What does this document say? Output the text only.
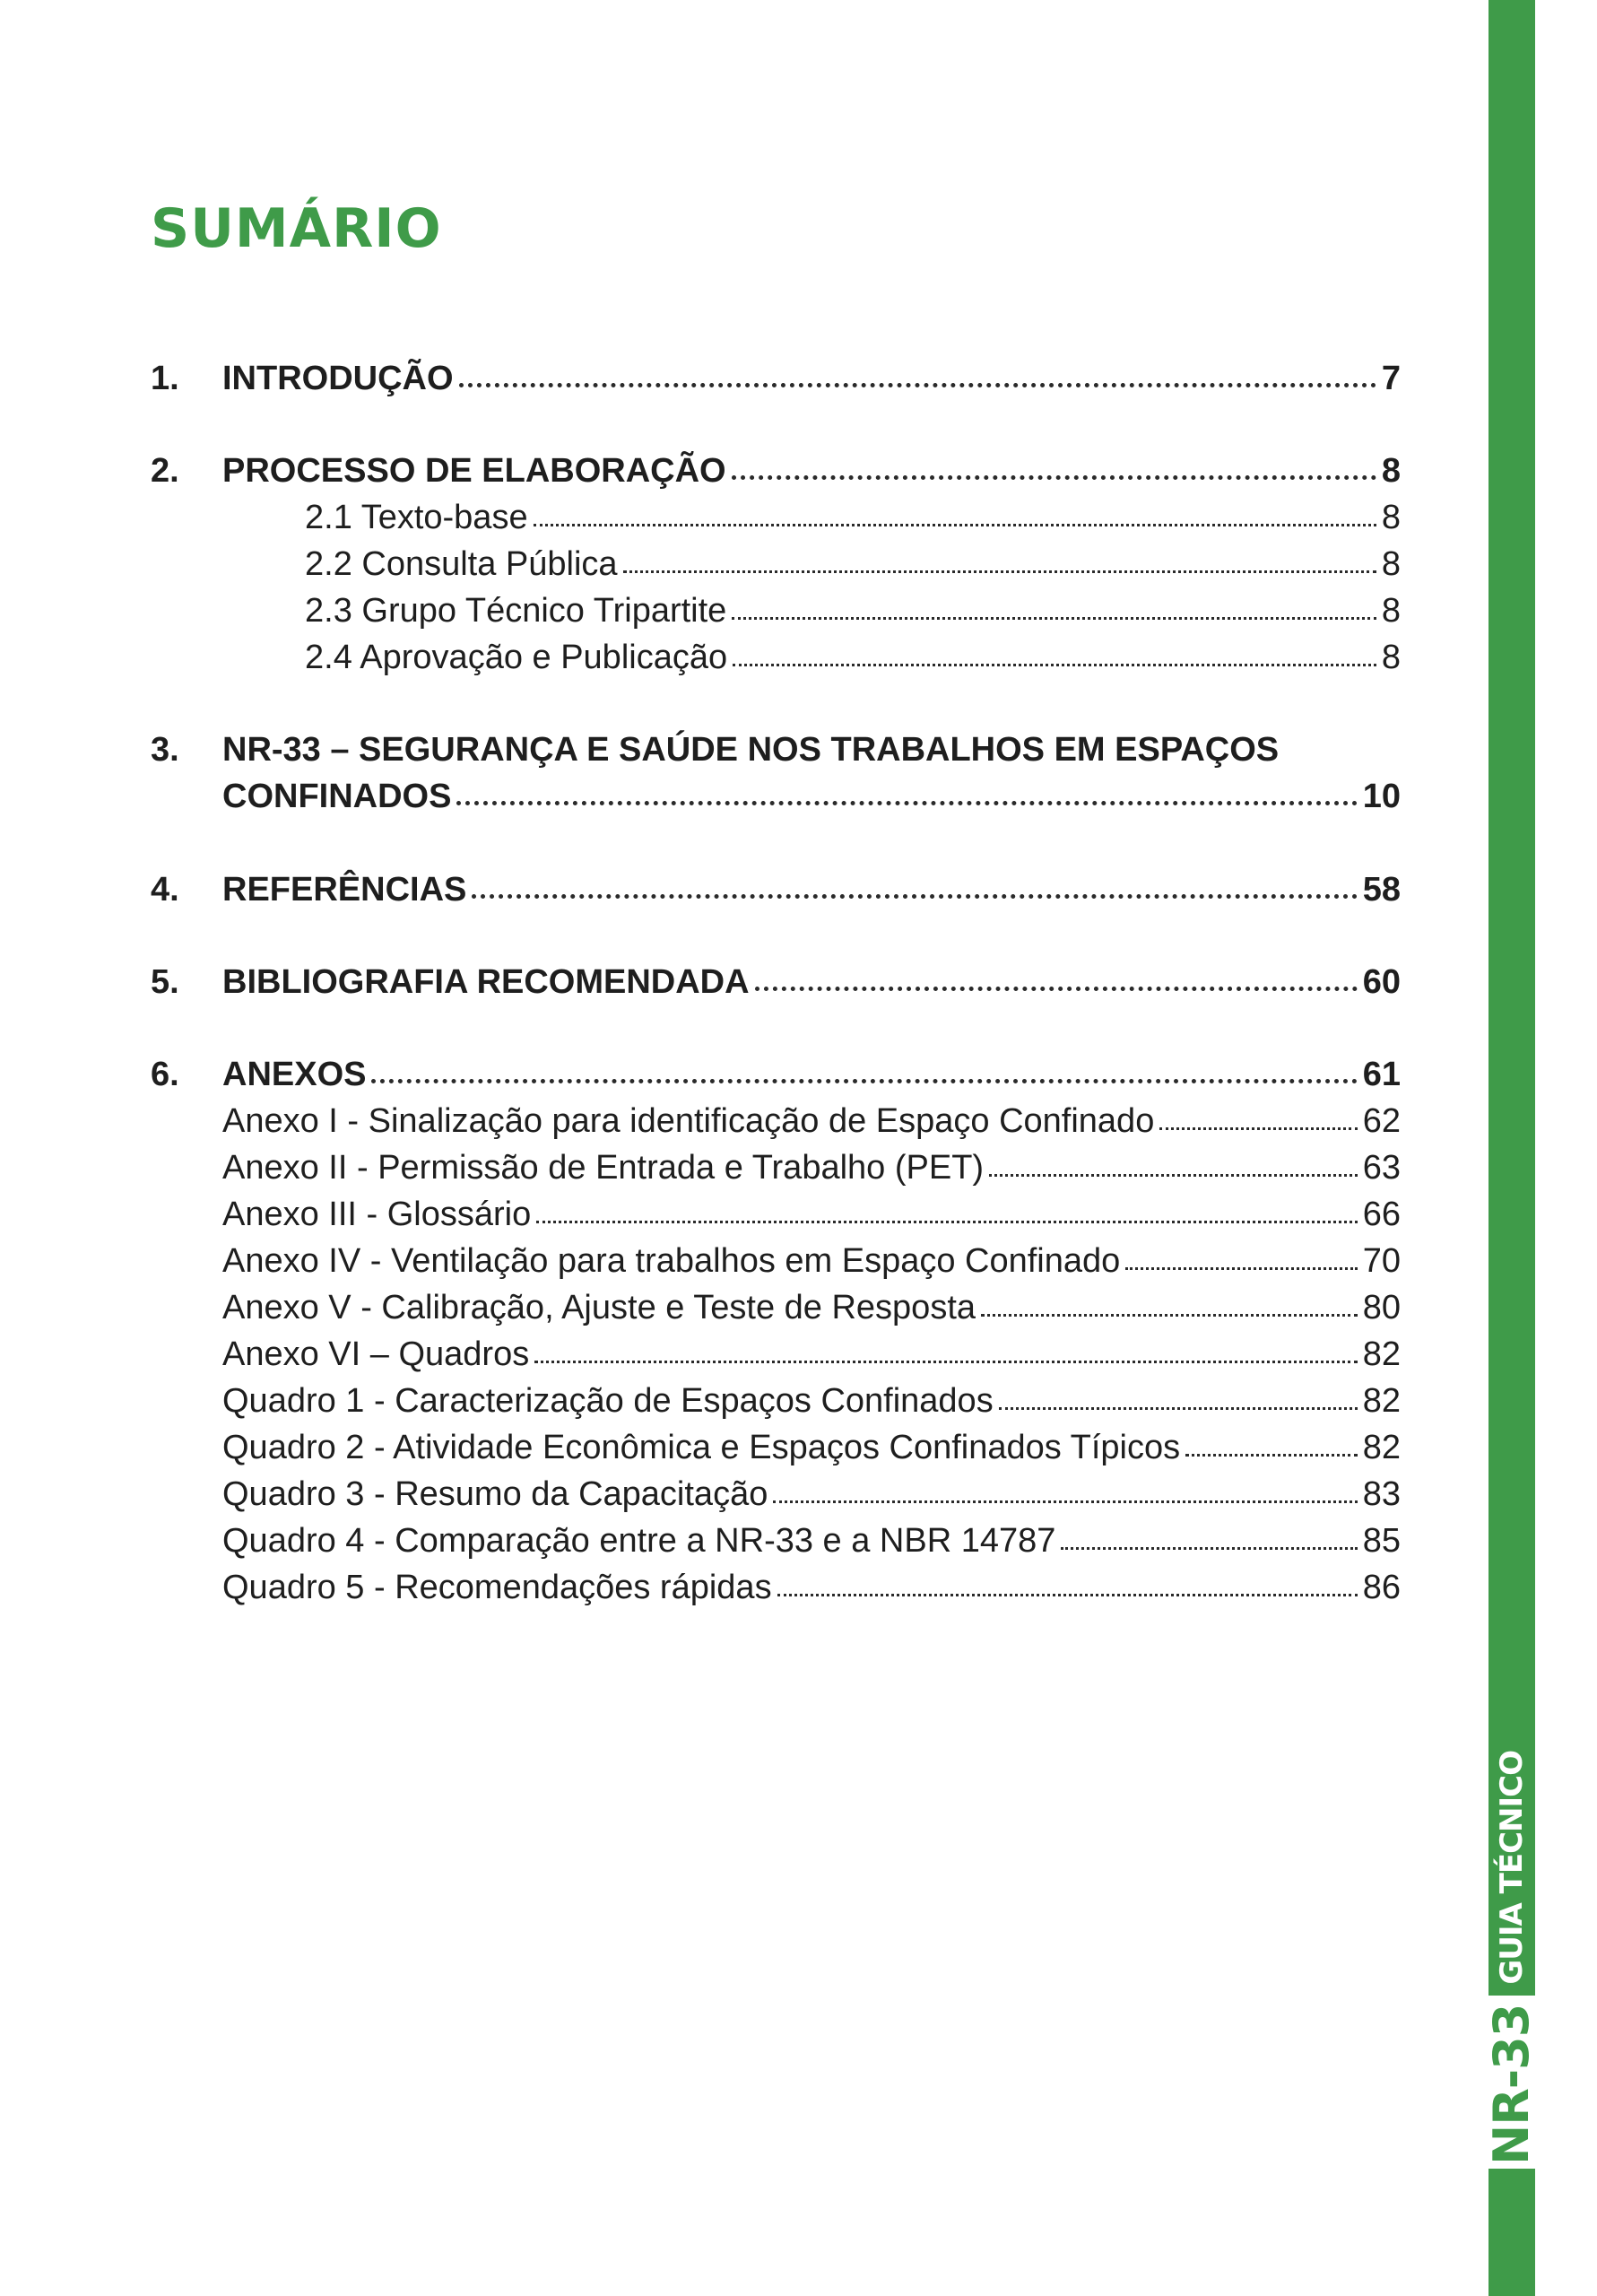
NR-33
GUIA TÉCNICO
SUMÁRIO
1.	INTRODUÇÃO	7
2.	PROCESSO DE ELABORAÇÃO	8
2.1 Texto-base	8
2.2 Consulta Pública	8
2.3 Grupo Técnico Tripartite	8
2.4 Aprovação e Publicação	8
3.	NR-33 – SEGURANÇA E SAÚDE NOS TRABALHOS EM ESPAÇOS
CONFINADOS	10
4.	REFERÊNCIAS	58
5.	BIBLIOGRAFIA RECOMENDADA	60
6.	ANEXOS	61
Anexo I - Sinalização para identificação de Espaço Confinado	62
Anexo II - Permissão de Entrada e Trabalho (PET)	63
Anexo III - Glossário	66
Anexo IV - Ventilação para trabalhos em Espaço Confinado	70
Anexo V - Calibração, Ajuste e Teste de Resposta	80
Anexo VI – Quadros	82
Quadro 1 - Caracterização de Espaços Confinados	82
Quadro 2 - Atividade Econômica e Espaços Confinados Típicos	82
Quadro 3 - Resumo da Capacitação	83
Quadro 4 - Comparação entre a NR-33 e a NBR 14787	85
Quadro 5 - Recomendações rápidas	86
